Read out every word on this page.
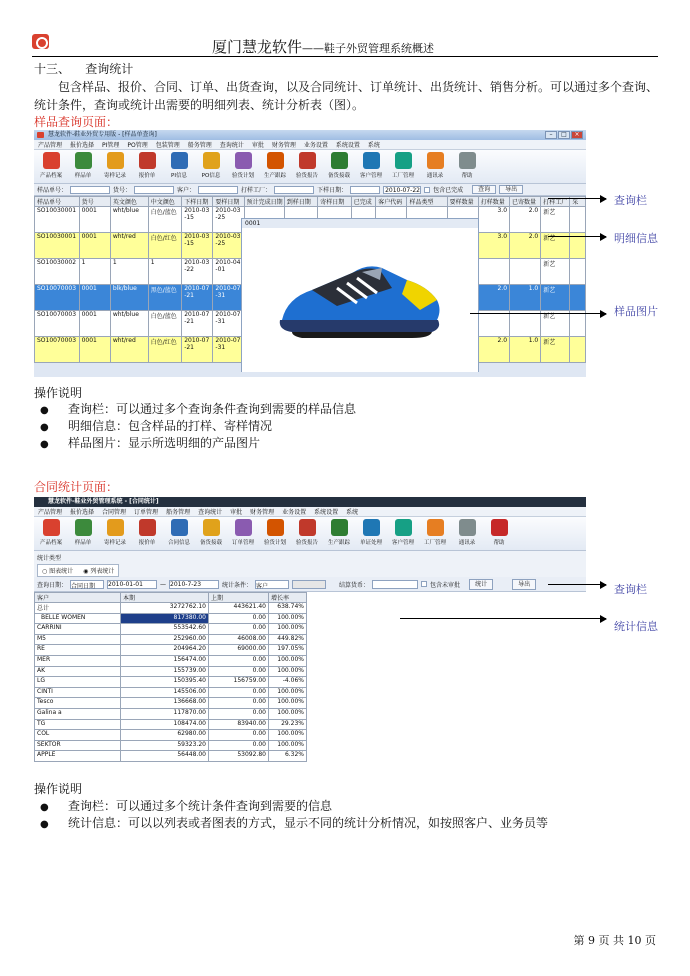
厦门慧龙软件——鞋子外贸管理系统概述
十三、 查询统计
包含样品、报价、合同、订单、出货查询，以及合同统计、订单统计、出货统计、销售分析。可以通过多个查询、统计条件，查询或统计出需要的明细列表、统计分析表（图）。
样品查询页面：
慧龙软件-鞋业外贸专用版 - [样品单查询]	–	□	×
产品管理 报价选择 PI管理 PO管理 包装管理 船务管理 查询统计 审批 财务管理 业务设置 系统设置 系统
产品档案 样品单 寄样记录 报价单	PI信息	PO信息 验货计划 生产跟踪 验货报告 备货接载 客户管理 工厂管理 通讯录	帮助
样品单号：	货号：	客户：	打样工厂：	下样日期：	2010-07-22 包含已完成	查询	导出
样品单号	货号	英文颜色	中文颜色	下样日期	要样日期	预计完成日期	到样日期	寄样日期	已完成	客户代码	样品类型	要样数量	打样数量	已寄数量	打样工厂	采
SO10030001	0001	wht/blue	白色/蓝色	2010-03-15	2010-03-25								3.0	2.0	新艺	
SO10030001	0001	wht/red	白色/红色	2010-03-15	2010-03-25								3.0	2.0	新艺	
SO10030002	1	1	1	2010-03-22	2010-04-01										新艺	
SO10070003	0001	blk/blue	黑色/蓝色	2010-07-21	2010-07-31								2.0	1.0	新艺	
SO10070003	0001	wht/blue	白色/蓝色	2010-07-21	2010-07-31										新艺	
SO10070003	0001	wht/red	白色/红色	2010-07-21	2010-07-31								2.0	1.0	新艺	
0001
查询栏
明细信息
样品图片
操作说明
● 查询栏：可以通过多个查询条件查询到需要的样品信息
● 明细信息：包含样品的打样、寄样情况
● 样品图片：显示所选明细的产品图片
合同统计页面：
慧龙软件-鞋业外贸管理系统 - [合同统计]
产品管理 报价选择 合同管理 订单管理 船务管理 查询统计 审批 财务管理 业务设置 系统设置 系统
产品档案 样品单 寄样记录 报价单 合同信息 备货接载 订单管理 验货计划 验货报告 生产跟踪 单证处理 客户管理 工厂管理 通讯录	帮助
统计类型
○ 图表统计 ◉ 列表统计
查询日期： 合同日期	2010-01-01	— 2010-7-23	统计条件： 客户	结算货币：	包含未审批	统计	导出
客户	本期	上期	增长率
总计	3272762.10	443621.40	638.74%
BELLE WOMEN	817380.00	0.00	100.00%
CARRINI	553542.60	0.00	100.00%
M5	252960.00	46008.00	449.82%
RE	204964.20	69000.00	197.05%
MER	156474.00	0.00	100.00%
AK	155739.00	0.00	100.00%
LG	150395.40	156759.00	-4.06%
CINTI	145506.00	0.00	100.00%
Tesco	136668.00	0.00	100.00%
Galina a	117870.00	0.00	100.00%
TG	108474.00	83940.00	29.23%
COL	62980.00	0.00	100.00%
SEKTOR	59323.20	0.00	100.00%
APPLE	56448.00	53092.80	6.32%
查询栏
统计信息
操作说明
● 查询栏：可以通过多个统计条件查询到需要的信息
● 统计信息：可以以列表或者图表的方式，显示不同的统计分析情况，如按照客户、业务员等
第 9 页 共 10 页
